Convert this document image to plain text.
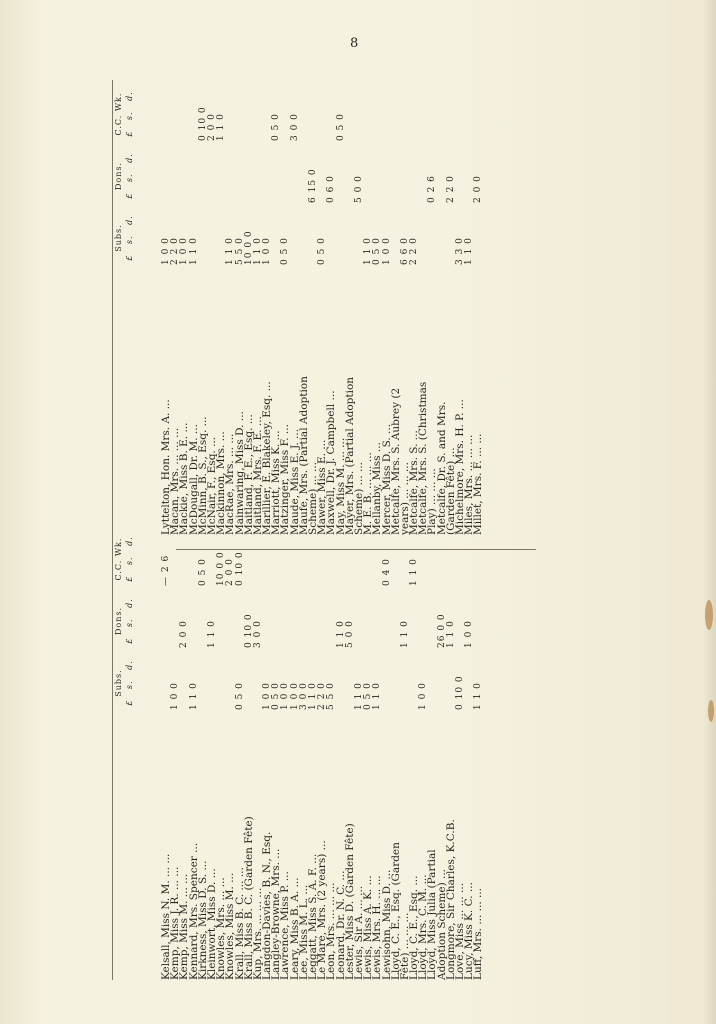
8
Subs. £ s. d.
Dons. £ s. d.
C.C. Wk. £ s. d.
Kelsall, Miss N. M. ... ...
— 2 6
Kemp, Miss J. R. ... ...
1 0 0
Kemp, Miss M. ... ...
2 0 0
Kennard, Mrs. Spencer ...
1 1 0
Kirkness, Miss D. S. ...
0 5 0
Kleinwort, Miss D. ...
1 1 0
Knowles, Mrs. ... ...
10 0 0
Knowles, Miss M. ...
2 0 0
Krall, Miss B. C. ... ...
0 5 0
0 10 0
Krall, Miss B. C. (Garden Fête)
0 10 0
Kup, Mrs. ... ... ...
3 0 0
Langdon-Davies, B. N., Esq.
1 0 0
Langley-Browne, Mrs. ...
0 5 0
Lawrence, Miss P. ...
1 0 0
Leary, Miss B. A. ...
1 0 0
Lee, Miss M. L. ...
3 0 0
Leggatt, Miss S. A. F. ...
1 1 0
Le Mare, Mrs. (2 years) ...
2 2 0
Leon, Mrs. ... ... ...
5 5 0
Leonard, Dr. N. C. ...
1 1 0
Lester, Miss D. (Garden Fête)
5 0 0
Lewis, Sir A. ... ...
1 1 0
Lewis, Miss A. K. ...
0 5 0
Lewis, Mrs. H. ... ...
1 1 0
Lewisohn, Miss D. ...
0 4 0
Lloyd, C. E., Esq. (Garden
Fête) ... ... ...
1 1 0
Lloyd, C. E., Esq. ...
1 1 0
Lloyd, Mrs. C. M. ...
1 0 0
Lloyd, Miss Julia (Partial
Adoption Scheme) ...
26 0 0
Longmore, Sir Charles, K.C.B.
1 1 0
Love, Miss ... ... ...
0 10 0
Lucy, Miss K. C. ...
1 0 0
Luff, Mrs. ... ... ...
1 1 0
Subs. £ s. d.
Dons. £ s. d.
C.C. Wk. £ s. d.
Lyttelton, Hon. Mrs. A. ...
1 0 0
Macan, Mrs. ... ... ...
2 2 0
Mackie, Miss B. E. ...
1 0 0
McDougall, Dr. M. ...
1 1 0
McMinn, B. S., Esq. ...
0 10 0
McNair, F., Esq. ...
2 0 0
Mackinnon, Mrs. ...
1 1 0
MacRae, Mrs. ... ...
1 1 0
Mainwaring, Miss D. ...
5 5 0
Maitland, F. E., Esq. ...
10 0 0
Maitland, Mrs. F. E. ...
1 1 0
Marillier, E. Blakeley, Esq. ...
1 0 0
Marriott, Miss K. ...
0 5 0
Matzinger, Miss F. ...
0 5 0
Maude, Miss E. J. ...
3 0 0
Maufe, Mrs. (Partial Adoption
Scheme) ... ...
6 15 0
Mawer, Miss E. ...
0 5 0
Maxwell, Dr. J. Campbell ...
0 6 0
May, Miss M. ... ...
0 5 0
Mayer, Mrs. (Partial Adoption
Scheme) ... ...
5 0 0
M. E. B. ... ... ...
1 1 0
Mellanby, Miss ...
0 5 0
Mercer, Miss D. S. ...
1 0 0
Metcalfe, Mrs. S. Aubrey (2
years) ... ... ...
6 6 0
Metcalfe, Mrs. S. ...
2 2 0
Metcalfe, Mrs. S. (Christmas
Play) ... ... ...
0 2 6
Metcalfe, Dr. S. and Mrs.
(Garden Fête) ...
2 2 0
Michelmore, Mrs. H. P. ...
3 3 0
Miles, Mrs. ... ... ...
1 1 0
Millet, Mrs. F. ... ...
2 0 0
